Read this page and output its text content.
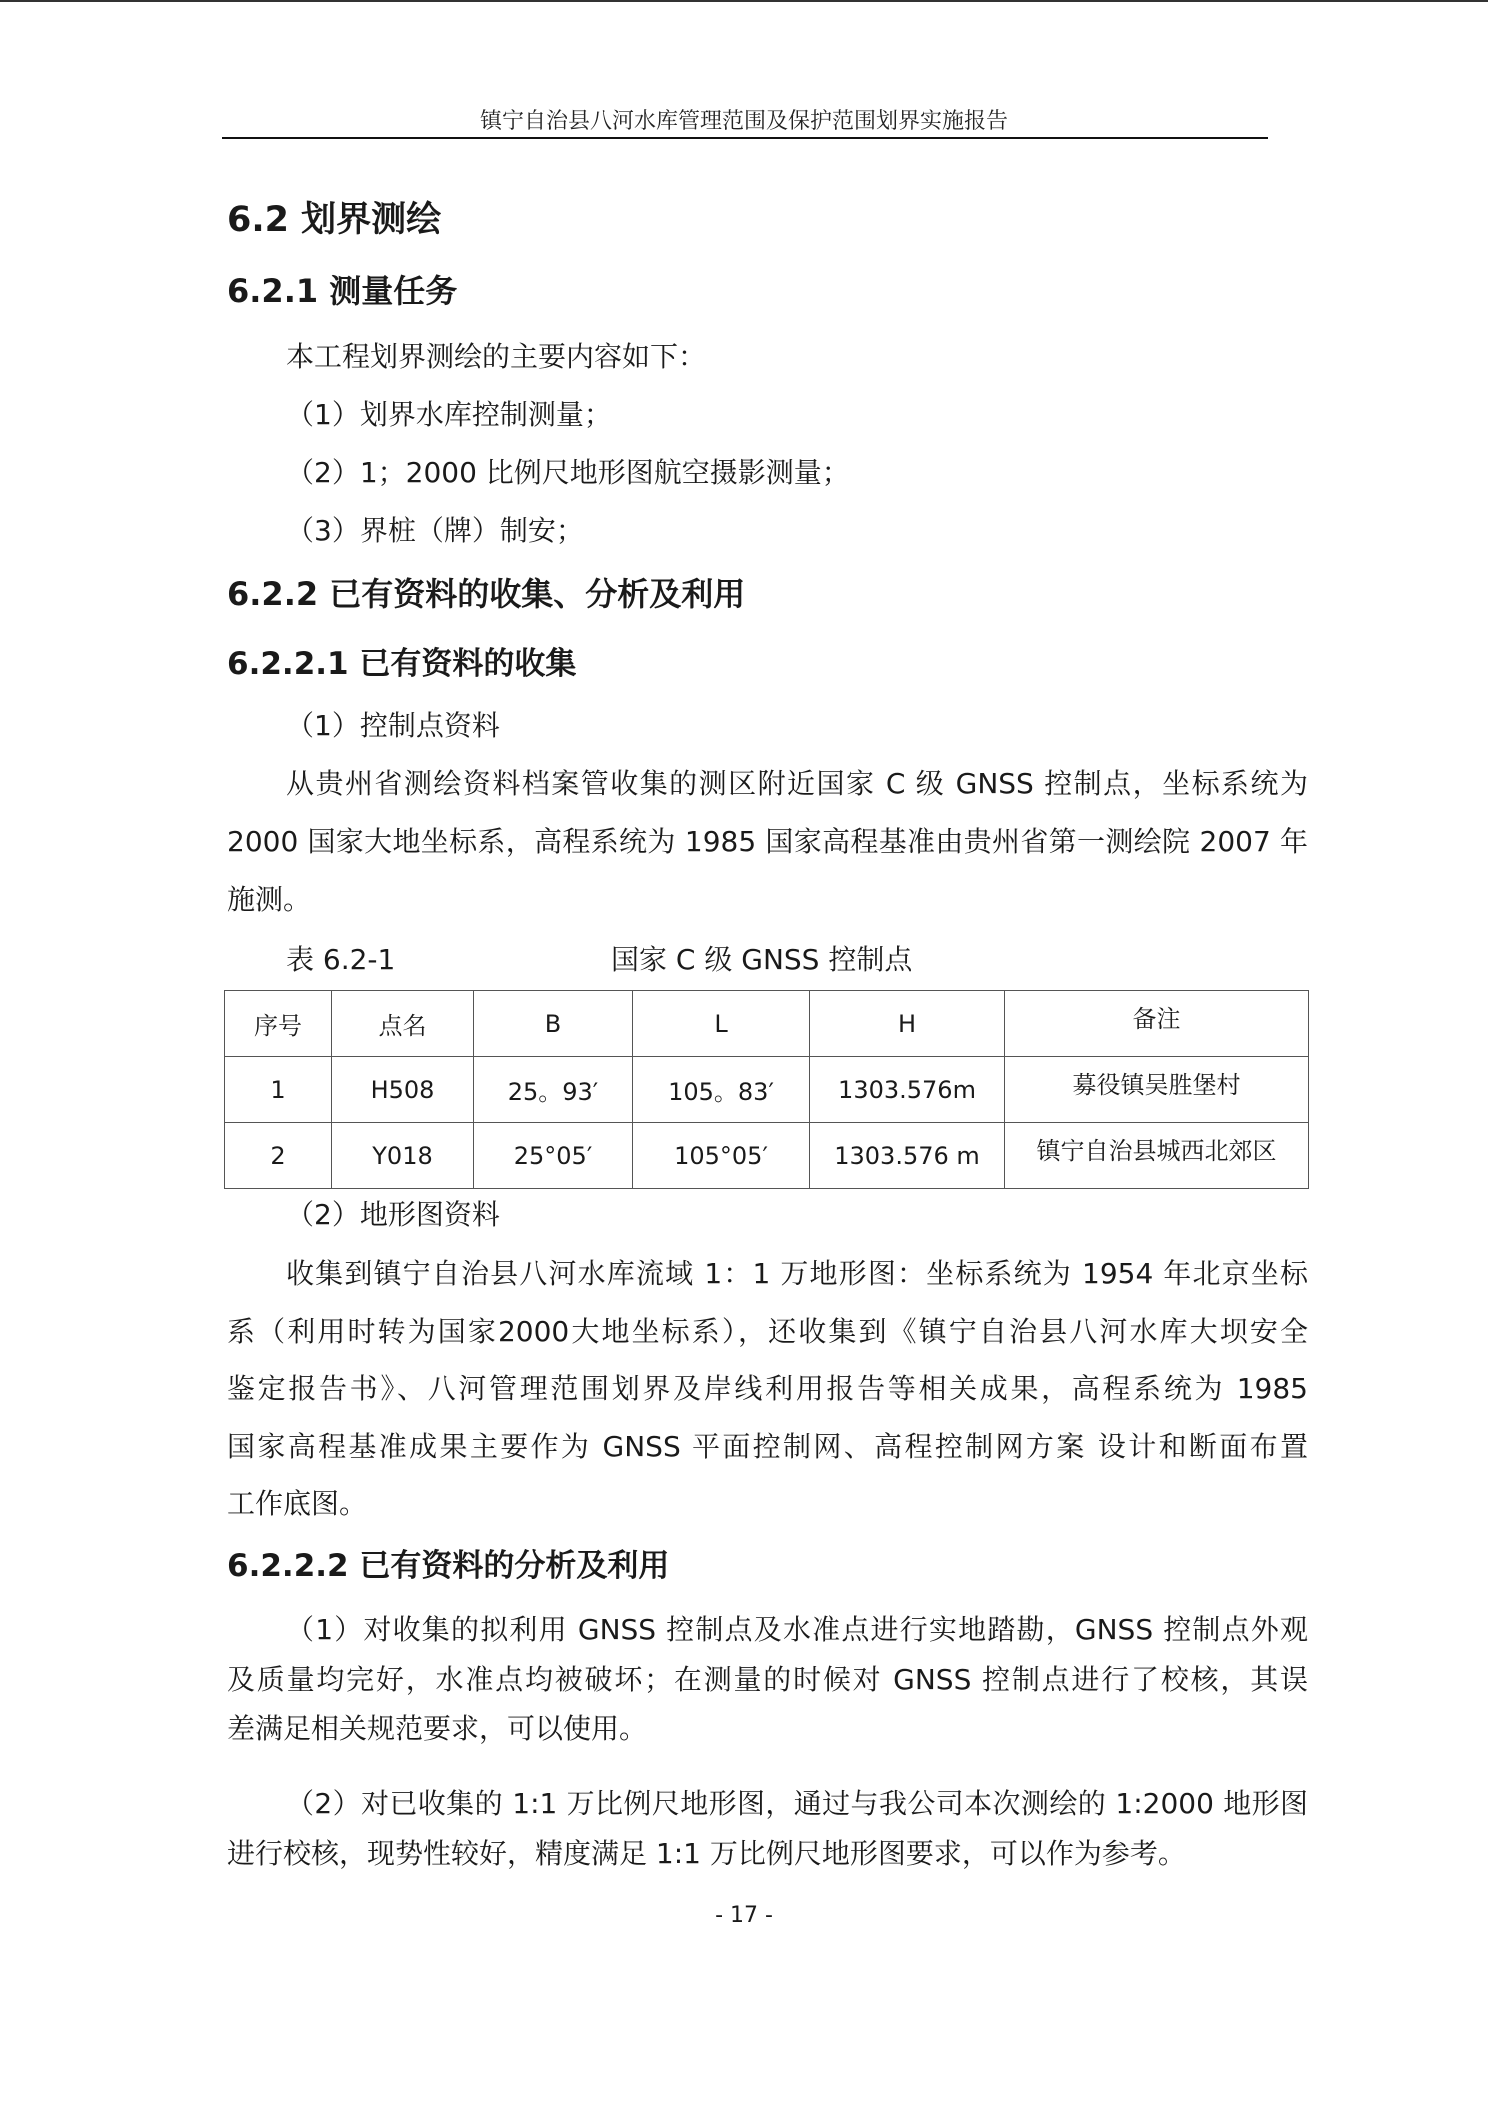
镇宁自治县八河水库管理范围及保护范围划界实施报告
6.2 划界测绘
6.2.1 测量任务
本工程划界测绘的主要内容如下：
（1）划界水库控制测量；
（2）1；2000 比例尺地形图航空摄影测量；
（3）界桩（牌）制安；
6.2.2 已有资料的收集、分析及利用
6.2.2.1 已有资料的收集
（1）控制点资料
从贵州省测绘资料档案管收集的测区附近国家 C 级 GNSS 控制点，坐标系统为
2000 国家大地坐标系，高程系统为 1985 国家高程基准由贵州省第一测绘院 2007 年
施测。
表 6.2-1	国家 C 级 GNSS 控制点
序号	点名	B	L	H	备注
1	H508	25。93′	105。83′	1303.576m	募役镇吴胜堡村
2	Y018	25°05′	105°05′	1303.576 m	镇宁自治县城西北郊区
（2）地形图资料
收集到镇宁自治县八河水库流域 1：1 万地形图：坐标系统为 1954 年北京坐标
系（利用时转为国家2000大地坐标系），还收集到《镇宁自治县八河水库大坝安全
鉴定报告书》、八河管理范围划界及岸线利用报告等相关成果，高程系统为 1985
国家高程基准成果主要作为 GNSS 平面控制网、高程控制网方案 设计和断面布置
工作底图。
6.2.2.2 已有资料的分析及利用
（1）对收集的拟利用 GNSS 控制点及水准点进行实地踏勘，GNSS 控制点外观
及质量均完好，水准点均被破坏；在测量的时候对 GNSS 控制点进行了校核，其误
差满足相关规范要求，可以使用。
（2）对已收集的 1:1 万比例尺地形图，通过与我公司本次测绘的 1:2000 地形图
进行校核，现势性较好，精度满足 1:1 万比例尺地形图要求，可以作为参考。
- 17 -
